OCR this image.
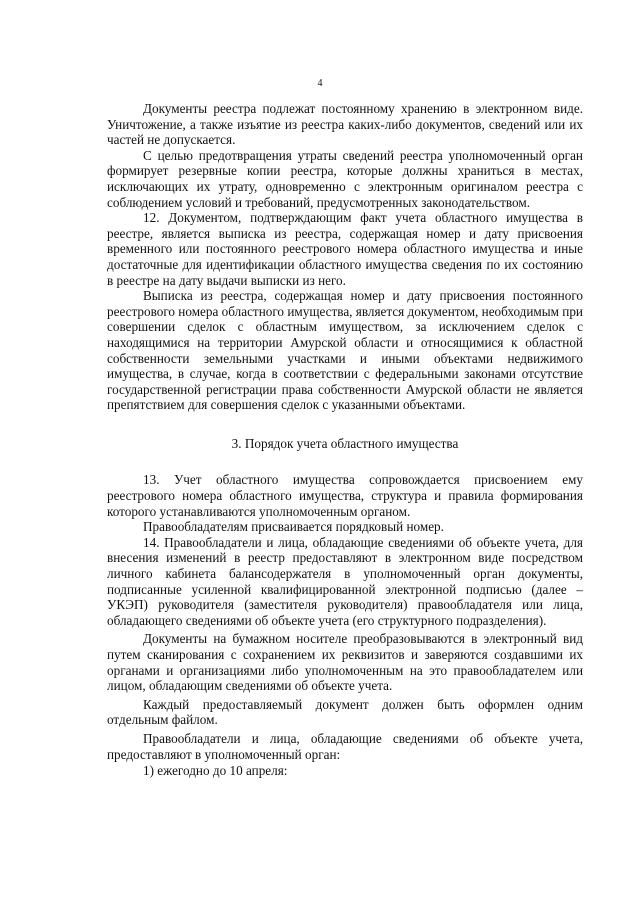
4

Документы реестра подлежат постоянному хранению в электронном виде. Уничтожение, а также изъятие из реестра каких-либо документов, сведений или их частей не допускается.

С целью предотвращения утраты сведений реестра уполномоченный орган формирует резервные копии реестра, которые должны храниться в местах, исключающих их утрату, одновременно с электронным оригиналом реестра с соблюдением условий и требований, предусмотренных законодательством.

12. Документом, подтверждающим факт учета областного имущества в реестре, является выписка из реестра, содержащая номер и дату присвоения временного или постоянного реестрового номера областного имущества и иные достаточные для идентификации областного имущества сведения по их состоянию в реестре на дату выдачи выписки из него.

Выписка из реестра, содержащая номер и дату присвоения постоянного реестрового номера областного имущества, является документом, необходимым при совершении сделок с областным имуществом, за исключением сделок с находящимися на территории Амурской области и относящимися к областной собственности земельными участками и иными объектами недвижимого имущества, в случае, когда в соответствии с федеральными законами отсутствие государственной регистрации права собственности Амурской области не является препятствием для совершения сделок с указанными объектами.

3. Порядок учета областного имущества

13. Учет областного имущества сопровождается присвоением ему реестрового номера областного имущества, структура и правила формирования которого устанавливаются уполномоченным органом.

Правообладателям присваивается порядковый номер.

14. Правообладатели и лица, обладающие сведениями об объекте учета, для внесения изменений в реестр предоставляют в электронном виде посредством личного кабинета балансодержателя в уполномоченный орган документы, подписанные усиленной квалифицированной электронной подписью (далее – УКЭП) руководителя (заместителя руководителя) правообладателя или лица, обладающего сведениями об объекте учета (его структурного подразделения).

Документы на бумажном носителе преобразовываются в электронный вид путем сканирования с сохранением их реквизитов и заверяются создавшими их органами и организациями либо уполномоченным на это правообладателем или лицом, обладающим сведениями об объекте учета.

Каждый предоставляемый документ должен быть оформлен одним отдельным файлом.

Правообладатели и лица, обладающие сведениями об объекте учета, предоставляют в уполномоченный орган:

1) ежегодно до 10 апреля:
